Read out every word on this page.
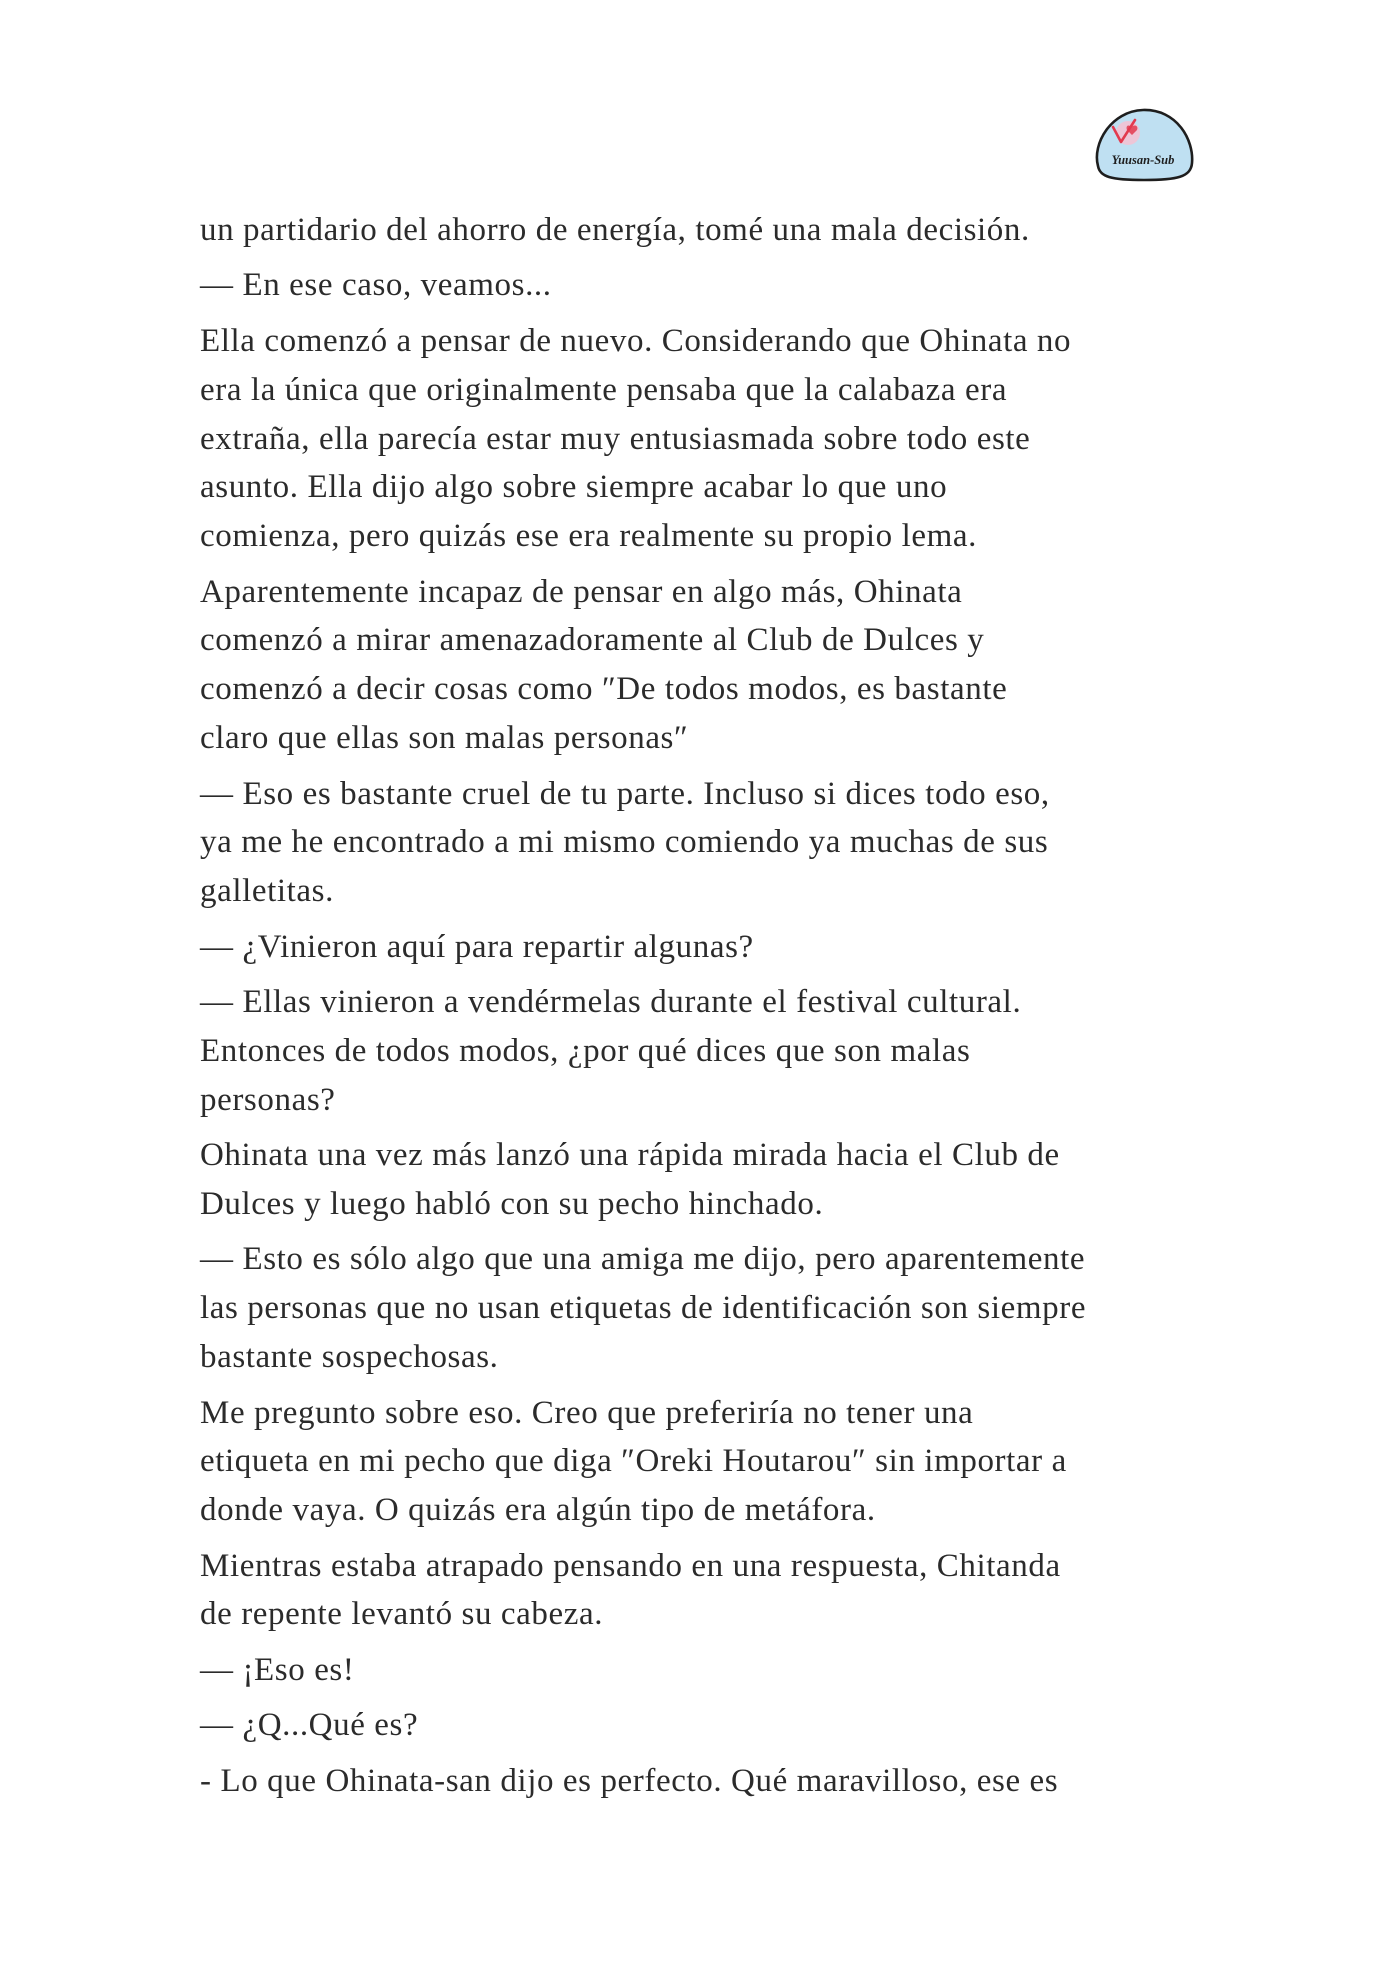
Yuusan-Sub
un partidario del ahorro de energía, tomé una mala decisión.
— En ese caso, veamos...
Ella comenzó a pensar de nuevo. Considerando que Ohinata no
era la única que originalmente pensaba que la calabaza era
extraña, ella parecía estar muy entusiasmada sobre todo este
asunto. Ella dijo algo sobre siempre acabar lo que uno
comienza, pero quizás ese era realmente su propio lema.
Aparentemente incapaz de pensar en algo más, Ohinata
comenzó a mirar amenazadoramente al Club de Dulces y
comenzó a decir cosas como ″De todos modos, es bastante
claro que ellas son malas personas″
— Eso es bastante cruel de tu parte. Incluso si dices todo eso,
ya me he encontrado a mi mismo comiendo ya muchas de sus
galletitas.
— ¿Vinieron aquí para repartir algunas?
— Ellas vinieron a vendérmelas durante el festival cultural.
Entonces de todos modos, ¿por qué dices que son malas
personas?
Ohinata una vez más lanzó una rápida mirada hacia el Club de
Dulces y luego habló con su pecho hinchado.
— Esto es sólo algo que una amiga me dijo, pero aparentemente
las personas que no usan etiquetas de identificación son siempre
bastante sospechosas.
Me pregunto sobre eso. Creo que preferiría no tener una
etiqueta en mi pecho que diga ″Oreki Houtarou″ sin importar a
donde vaya. O quizás era algún tipo de metáfora.
Mientras estaba atrapado pensando en una respuesta, Chitanda
de repente levantó su cabeza.
— ¡Eso es!
— ¿Q...Qué es?
- Lo que Ohinata-san dijo es perfecto. Qué maravilloso, ese es
